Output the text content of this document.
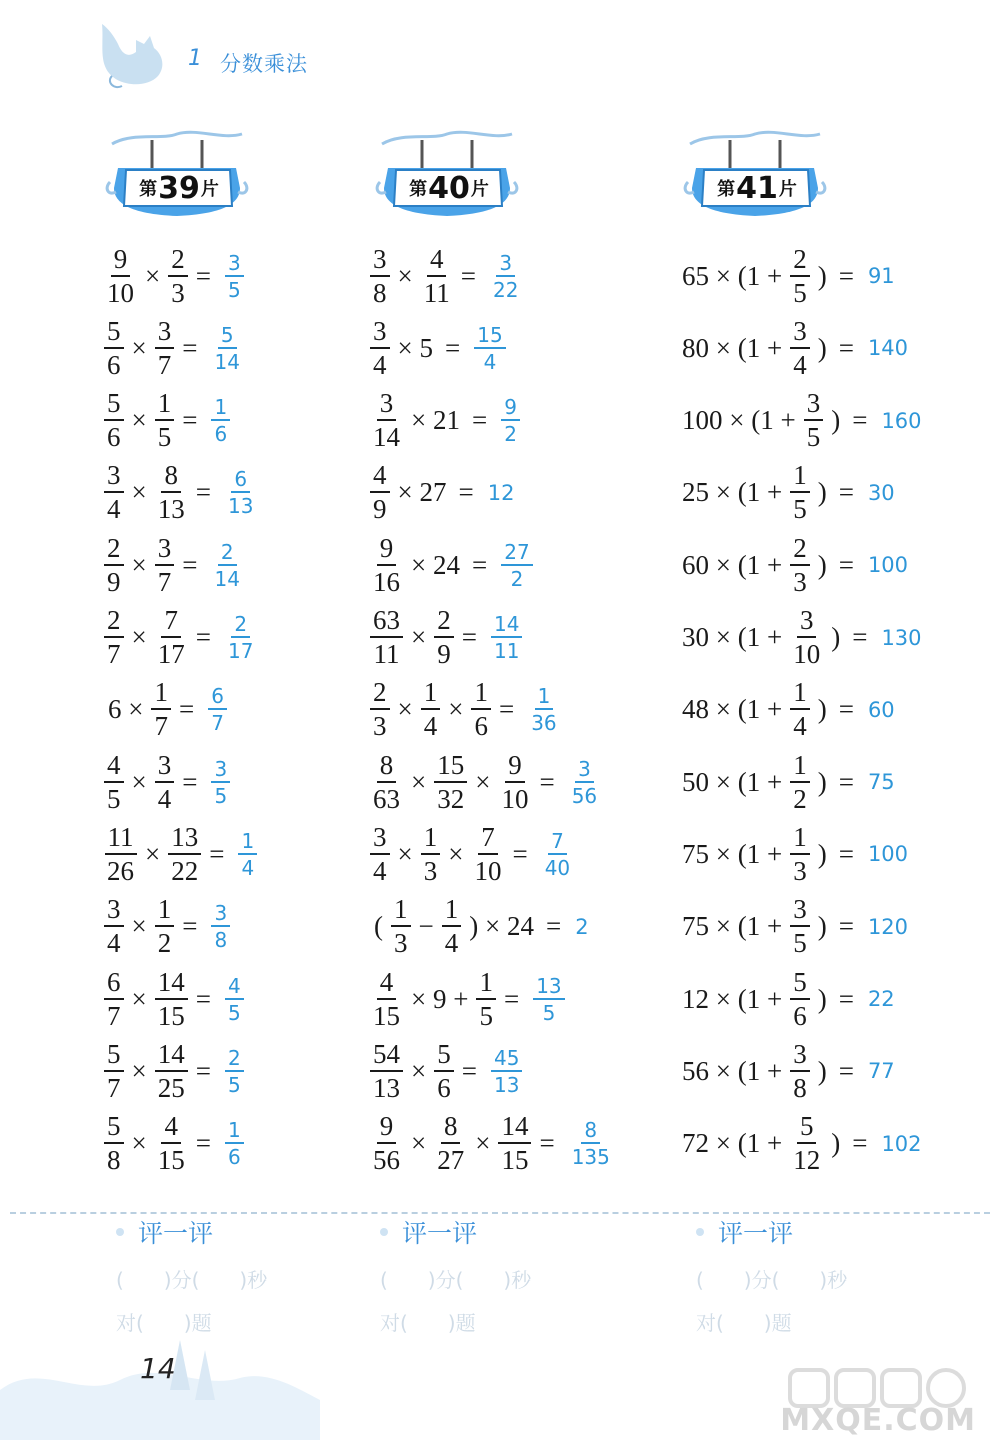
1 分数乘法
第 39 片	第 40 片	第 41 片
$\frac{9}{10} \times \frac{2}{3} = \frac{3}{5}$
$\frac{5}{6} \times \frac{3}{7} = \frac{5}{14}$
$\frac{5}{6} \times \frac{1}{5} = \frac{1}{6}$
$\frac{3}{4} \times \frac{8}{13} = \frac{6}{13}$
$\frac{2}{9} \times \frac{3}{7} = \frac{2}{14}$
$\frac{2}{7} \times \frac{7}{17} = \frac{2}{17}$
$6 \times \frac{1}{7} = \frac{6}{7}$
$\frac{4}{5} \times \frac{3}{4} = \frac{3}{5}$
$\frac{11}{26} \times \frac{13}{22} = \frac{1}{4}$
$\frac{3}{4} \times \frac{1}{2} = \frac{3}{8}$
$\frac{6}{7} \times \frac{14}{15} = \frac{4}{5}$
$\frac{5}{7} \times \frac{14}{25} = \frac{2}{5}$
$\frac{5}{8} \times \frac{4}{15} = \frac{1}{6}$
$\frac{3}{8} \times \frac{4}{11} = \frac{3}{22}$
$\frac{3}{4} \times 5 = \frac{15}{4}$
$\frac{3}{14} \times 21 = \frac{9}{2}$
$\frac{4}{9} \times 27 = 12$
$\frac{9}{16} \times 24 = \frac{27}{2}$
$\frac{63}{11} \times \frac{2}{9} = \frac{14}{11}$
$\frac{2}{3} \times \frac{1}{4} \times \frac{1}{6} = \frac{1}{36}$
$\frac{8}{63} \times \frac{15}{32} \times \frac{9}{10} = \frac{3}{56}$
$\frac{3}{4} \times \frac{1}{3} \times \frac{7}{10} = \frac{7}{40}$
( $\frac{1}{3} - \frac{1}{4}$ ) × 24 = 2
$\frac{4}{15} \times 9 + \frac{1}{5} = \frac{13}{5}$
$\frac{54}{13} \times \frac{5}{6} = \frac{45}{13}$
$\frac{9}{56} \times \frac{8}{27} \times \frac{14}{15} = \frac{8}{135}$
$65 \times (1 + \frac{2}{5}$ ) = 91
$80 \times (1 + \frac{3}{4}$ ) = 140
$100 \times (1 + \frac{3}{5}$ ) = 160
$25 \times (1 + \frac{1}{5}$ ) = 30
$60 \times (1 + \frac{2}{3}$ ) = 100
$30 \times (1 + \frac{3}{10}$ ) = 130
$48 \times (1 + \frac{1}{4}$ ) = 60
$50 \times (1 + \frac{1}{2}$ ) = 75
$75 \times (1 + \frac{1}{3}$ ) = 100
$75 \times (1 + \frac{3}{5}$ ) = 120
$12 \times (1 + \frac{5}{6}$ ) = 22
$56 \times (1 + \frac{3}{8}$ ) = 77
$72 \times (1 + \frac{5}{12}$ ) = 102
评一评
(　　)分(　　)秒
对(　　)题
评一评
(　　)分(　　)秒
对(　　)题
评一评
(　　)分(　　)秒
对(　　)题
14
MXQE.COM
